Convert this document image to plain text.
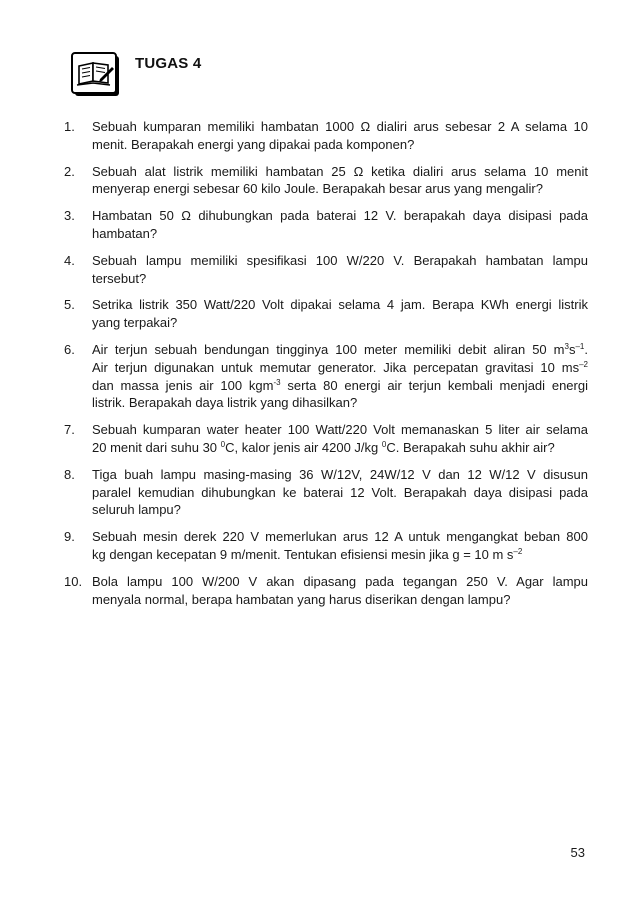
TUGAS 4
1. Sebuah kumparan memiliki hambatan 1000 Ω dialiri arus sebesar 2 A selama 10
menit. Berapakah energi yang dipakai pada komponen?
2. Sebuah alat listrik memiliki hambatan 25 Ω ketika dialiri arus selama 10 menit
menyerap energi sebesar 60 kilo Joule. Berapakah besar arus yang mengalir?
3. Hambatan 50 Ω dihubungkan pada baterai 12 V. berapakah daya disipasi pada
hambatan?
4. Sebuah lampu memiliki spesifikasi 100 W/220 V. Berapakah hambatan lampu
tersebut?
5. Setrika listrik 350 Watt/220 Volt dipakai selama 4 jam. Berapa KWh energi listrik
yang terpakai?
6. Air terjun sebuah bendungan tingginya 100 meter memiliki debit aliran 50 $m^3s^{-1}$.
Air terjun digunakan untuk memutar generator. Jika percepatan gravitasi 10 $ms^{-2}$
dan massa jenis air 100 kgm$^{-3}$ serta 80 energi air terjun kembali menjadi energi
listrik. Berapakah daya listrik yang dihasilkan?
7. Sebuah kumparan water heater 100 Watt/220 Volt memanaskan 5 liter air selama
20 menit dari suhu 30 $^0$C, kalor jenis air 4200 J/kg $^0$C. Berapakah suhu akhir air?
8. Tiga buah lampu masing-masing 36 W/12V, 24W/12 V dan 12 W/12 V disusun
paralel kemudian dihubungkan ke baterai 12 Volt. Berapakah daya disipasi pada
seluruh lampu?
9. Sebuah mesin derek 220 V memerlukan arus 12 A untuk mengangkat beban 800
kg dengan kecepatan 9 m/menit. Tentukan efisiensi mesin jika g = 10 m $s^{-2}$
10. Bola lampu 100 W/200 V akan dipasang pada tegangan 250 V. Agar lampu
menyala normal, berapa hambatan yang harus diserikan dengan lampu?
53
